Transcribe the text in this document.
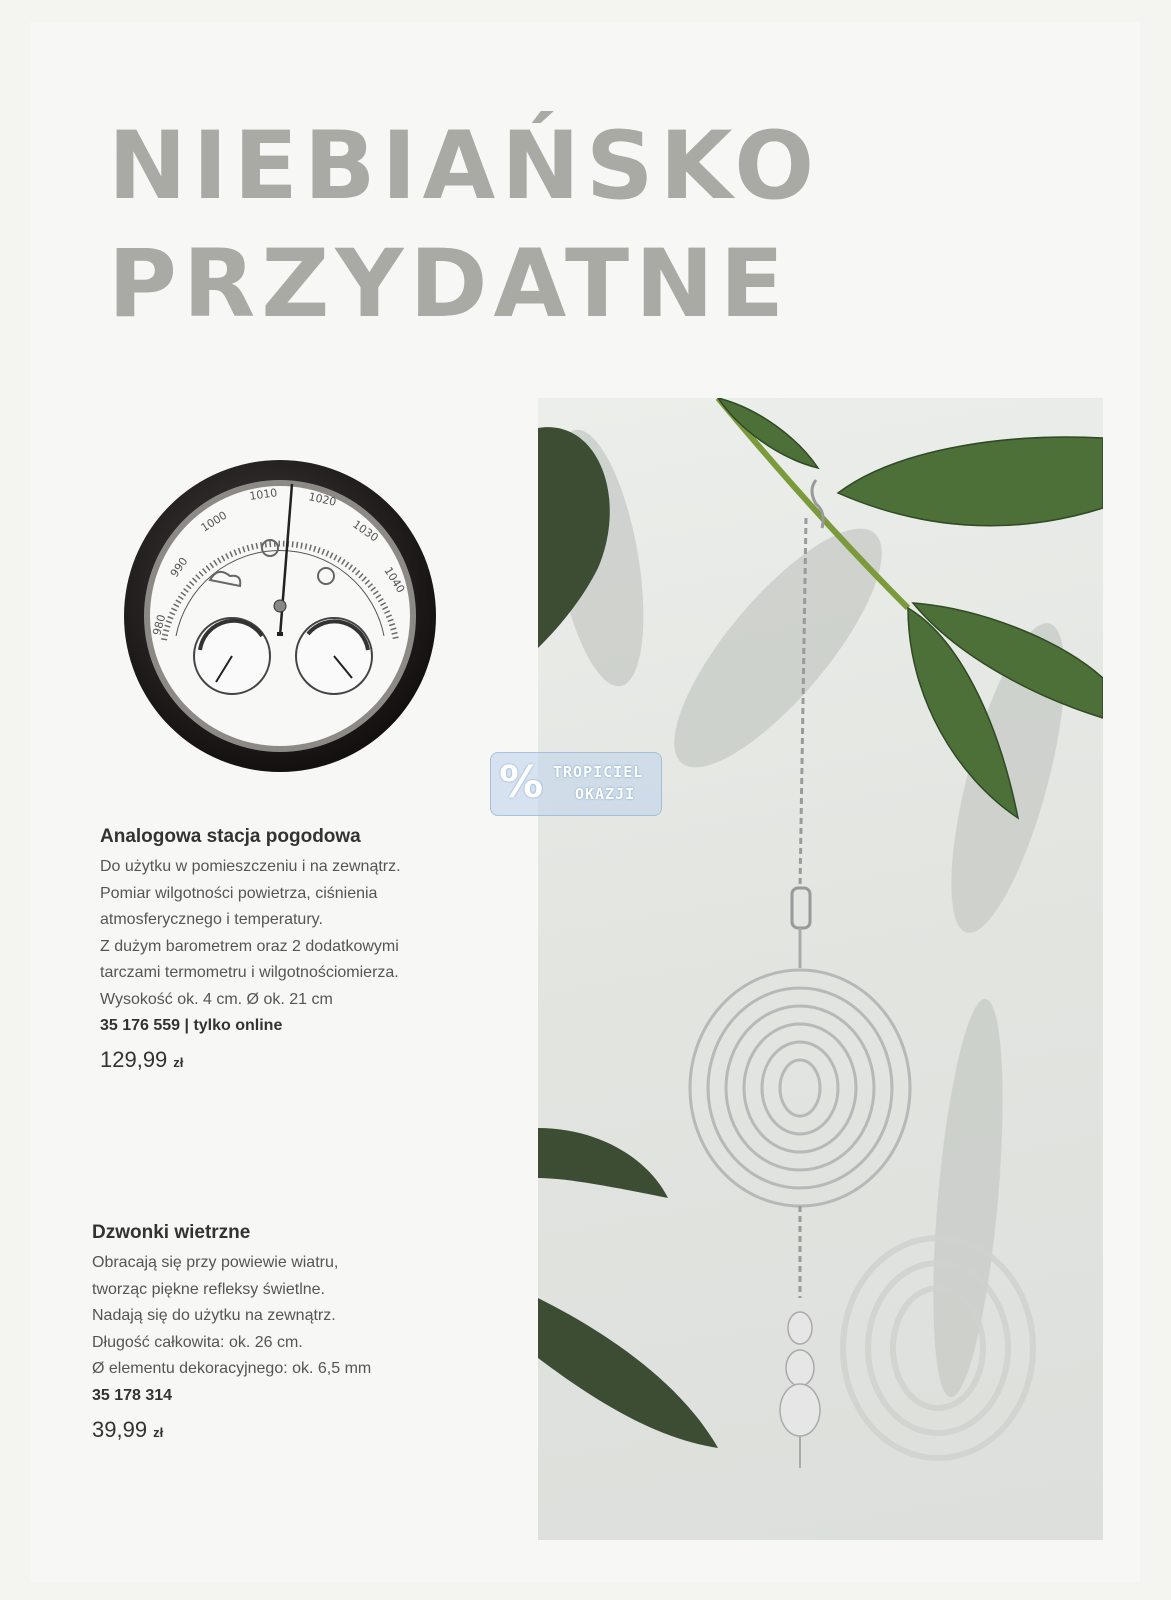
NIEBIAŃSKO
PRZYDATNE
980
990
1000
1010	1020
1030
1040
% TROPICIEL
OKAZJI
Analogowa stacja pogodowa
Do użytku w pomieszczeniu i na zewnątrz.
Pomiar wilgotności powietrza, ciśnienia
atmosferycznego i temperatury.
Z dużym barometrem oraz 2 dodatkowymi
tarczami termometru i wilgotnościomierza.
Wysokość ok. 4 cm. Ø ok. 21 cm
35 176 559 | tylko online
129,99 zł
Dzwonki wietrzne
Obracają się przy powiewie wiatru,
tworząc piękne refleksy świetlne.
Nadają się do użytku na zewnątrz.
Długość całkowita: ok. 26 cm.
Ø elementu dekoracyjnego: ok. 6,5 mm
35 178 314
39,99 zł
